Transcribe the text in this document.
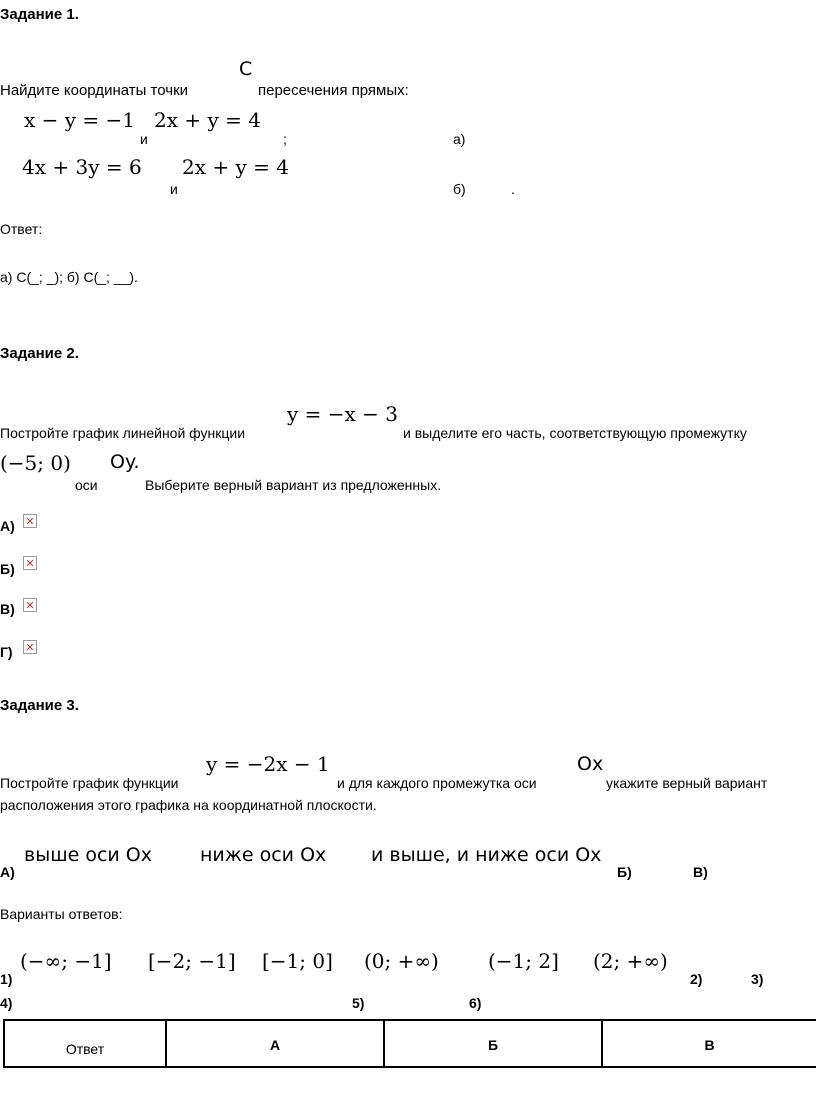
Задание 1.
Найдите координаты точки
C
пересечения прямых:
x − y = −1
и
2x + y = 4
;	а)
4x + 3y = 6
и
2x + y = 4
б)	.
Ответ:
а) С(_; _); б) С(_; __).
Задание 2.
Постройте график линейной функции
y = −x − 3
и выделите его часть, соответствующую промежутку
(−5; 0)
оси
Oy.
Выберите верный вариант из предложенных.
А) ✕
Б) ✕
В) ✕
Г) ✕
Задание 3.
Постройте график функции
y = −2x − 1
и для каждого промежутка оси
Ox
укажите верный вариант
расположения этого графика на координатной плоскости.
А)
выше оси Ox	ниже оси Ox и выше, и ниже оси Ox
Б)	В)
Варианты ответов:
1)
(−∞; −1] [−2; −1] [−1; 0] (0; +∞) (−1; 2] (2; +∞)
2)	3)
4)	5)	6)
Ответ	А	Б	В
